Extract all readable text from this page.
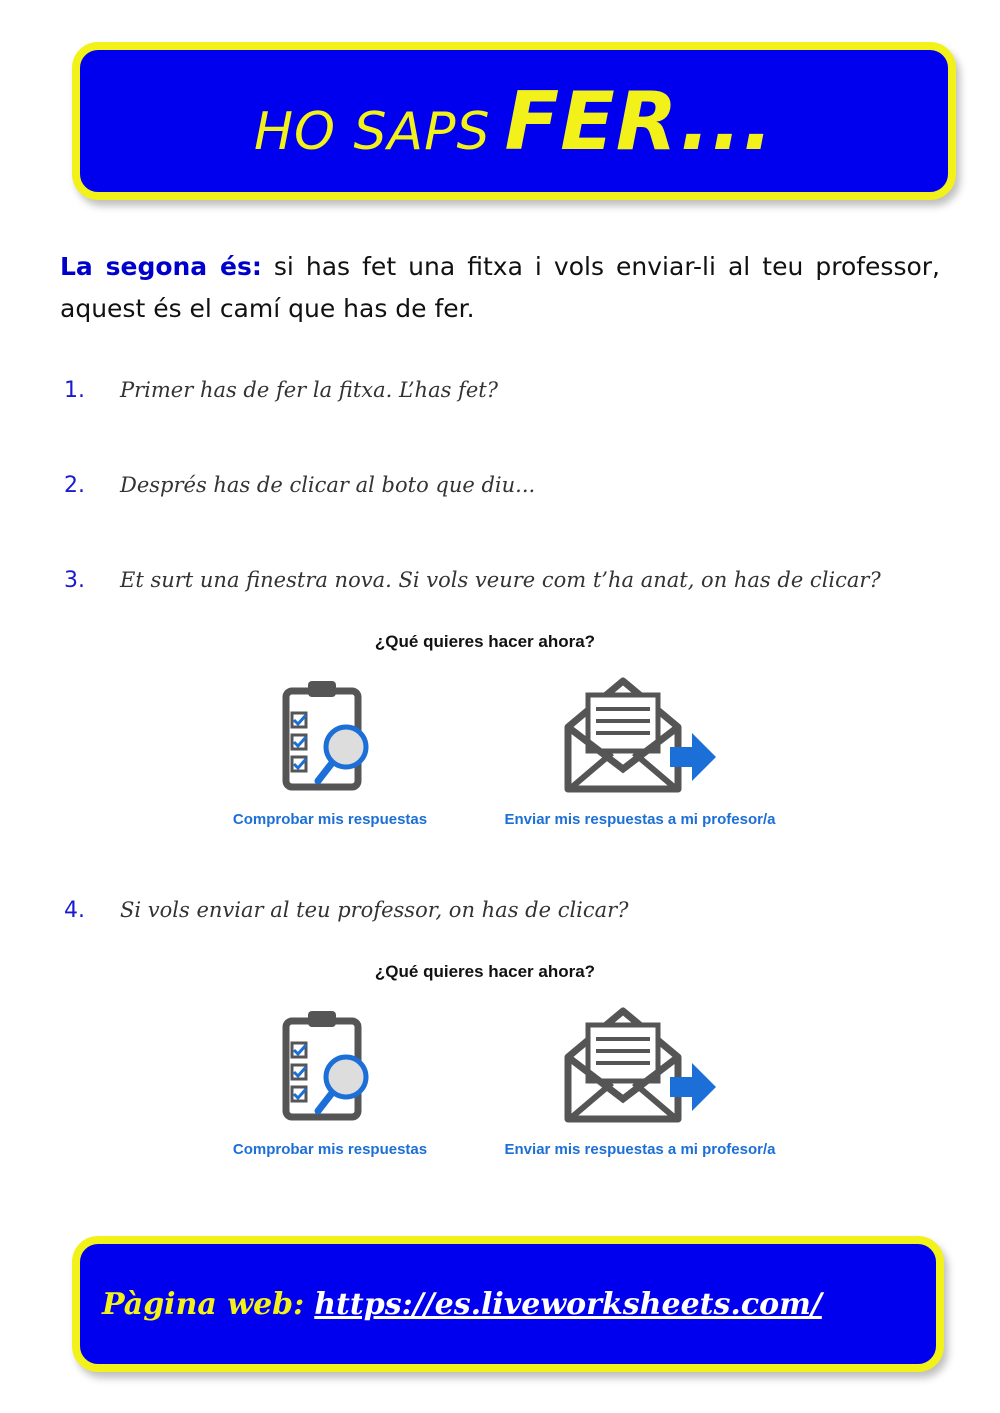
HO SAPS FER...
La segona és: si has fet una fitxa i vols enviar-li al teu professor, aquest és el camí que has de fer.
1.	Primer has de fer la fitxa. L’has fet?
2.	Després has de clicar al boto que diu...
3.	Et surt una finestra nova. Si vols veure com t’ha anat, on has de clicar?
¿Qué quieres hacer ahora?
Comprobar mis respuestas	Enviar mis respuestas a mi profesor/a
4.	Si vols enviar al teu professor, on has de clicar?
¿Qué quieres hacer ahora?
Comprobar mis respuestas	Enviar mis respuestas a mi profesor/a
Pàgina web: https://es.liveworksheets.com/
